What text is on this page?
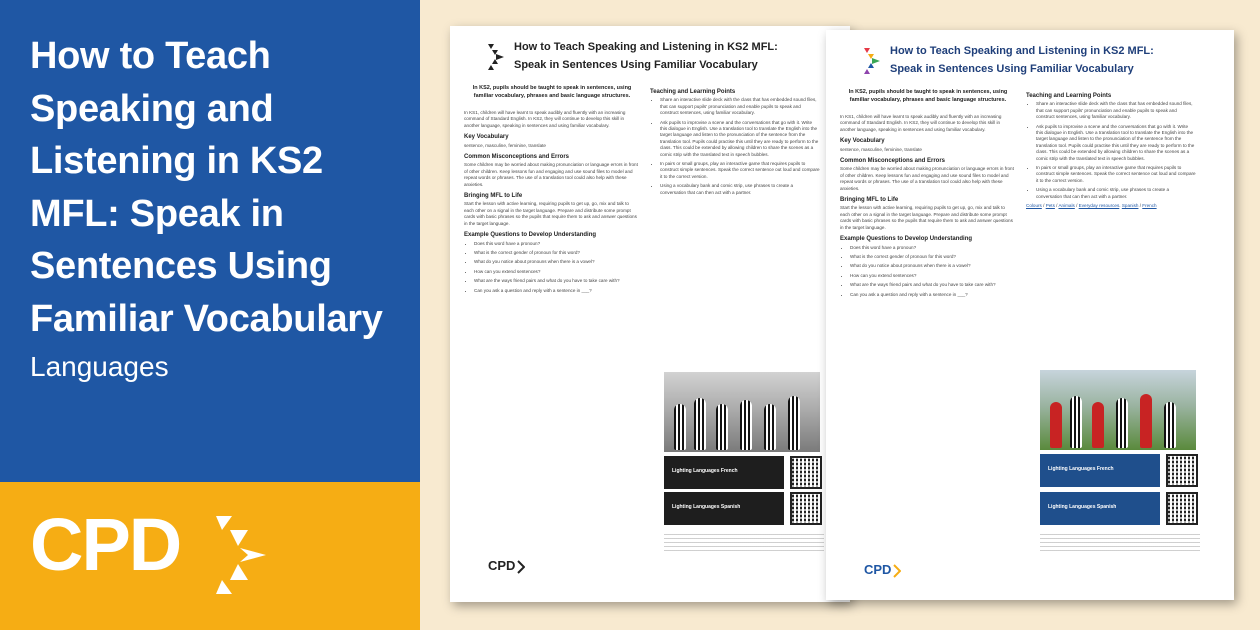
How to Teach Speaking and Listening in KS2 MFL: Speak in Sentences Using Familiar Vocabulary
Languages
CPD
How to Teach Speaking and Listening in KS2 MFL:
Speak in Sentences Using Familiar Vocabulary
In KS2, pupils should be taught to speak in sentences, using familiar vocabulary, phrases and basic language structures.
In KS1, children will have learnt to speak audibly and fluently with an increasing command of Standard English. In KS2, they will continue to develop this skill in another language, speaking in sentences and using familiar vocabulary.
Key Vocabulary
sentence, masculine, feminine, translate
Common Misconceptions and Errors
Some children may be worried about making pronunciation or language errors in front of other children. Keep lessons fun and engaging and use sound files to model and repeat words or phrases. The use of a translation tool could also help with these anxieties.
Bringing MFL to Life
Start the lesson with active learning, requiring pupils to get up, go, mix and talk to each other on a signal in the target language. Prepare and distribute some prompt cards with basic phrases so the pupils that require them to ask and answer questions in the target language.
Example Questions to Develop Understanding
• Does this word have a pronoun?
• What is the correct gender of pronoun for this word?
• What do you notice about pronouns when there is a vowel?
• How can you extend sentences?
• What are the ways friend pairs and what do you have to take care with?
• Can you ask a question and reply with a sentence in ___?
Teaching and Learning Points
• Share an interactive slide deck with the class that has embedded sound files, that can support pupils' pronunciation and enable pupils to speak and construct sentences, using familiar vocabulary.
• Ask pupils to improvise a scene and the conversations that go with it. Write this dialogue in English. Use a translation tool to translate the English into the target language and listen to the pronunciation of the sentence from the translation tool. Pupils could practise this until they are ready to perform to the class. This could be extended by allowing children to share the scenes as a comic strip with the translated text in speech bubbles.
• In pairs or small groups, play an interactive game that requires pupils to construct simple sentences. Speak the correct sentence out loud and compare it to the correct version.
• Using a vocabulary bank and comic strip, use phrases to create a conversation that can then act with a partner.
Lighting Languages French
Lighting Languages Spanish
CPD
How to Teach Speaking and Listening in KS2 MFL:
Speak in Sentences Using Familiar Vocabulary
In KS2, pupils should be taught to speak in sentences, using familiar vocabulary, phrases and basic language structures.
In KS1, children will have learnt to speak audibly and fluently with an increasing command of Standard English. In KS2, they will continue to develop this skill in another language, speaking in sentences and using familiar vocabulary.
Key Vocabulary
sentence, masculine, feminine, translate
Common Misconceptions and Errors
Some children may be worried about making pronunciation or language errors in front of other children. Keep lessons fun and engaging and use sound files to model and repeat words or phrases. The use of a translation tool could also help with these anxieties.
Bringing MFL to Life
Start the lesson with active learning, requiring pupils to get up, go, mix and talk to each other on a signal in the target language. Prepare and distribute some prompt cards with basic phrases so the pupils that require them to ask and answer questions in the target language.
Example Questions to Develop Understanding
• Does this word have a pronoun?
• What is the correct gender of pronoun for this word?
• What do you notice about pronouns when there is a vowel?
• How can you extend sentences?
• What are the ways friend pairs and what do you have to take care with?
• Can you ask a question and reply with a sentence in ___?
Teaching and Learning Points
• Share an interactive slide deck with the class that has embedded sound files, that can support pupils' pronunciation and enable pupils to speak and construct sentences, using familiar vocabulary.
• Ask pupils to improvise a scene and the conversations that go with it. Write this dialogue in English. Use a translation tool to translate the English into the target language and listen to the pronunciation of the sentence from the translation tool. Pupils could practise this until they are ready to perform to the class. This could be extended by allowing children to share the scenes as a comic strip with the translated text in speech bubbles.
• In pairs or small groups, play an interactive game that requires pupils to construct simple sentences. Speak the correct sentence out loud and compare it to the correct version.
• Using a vocabulary bank and comic strip, use phrases to create a conversation that can then act with a partner.
Colours / Pets / Animals / Everyday resources. Spanish / French
Lighting Languages French
Lighting Languages Spanish
CPD
